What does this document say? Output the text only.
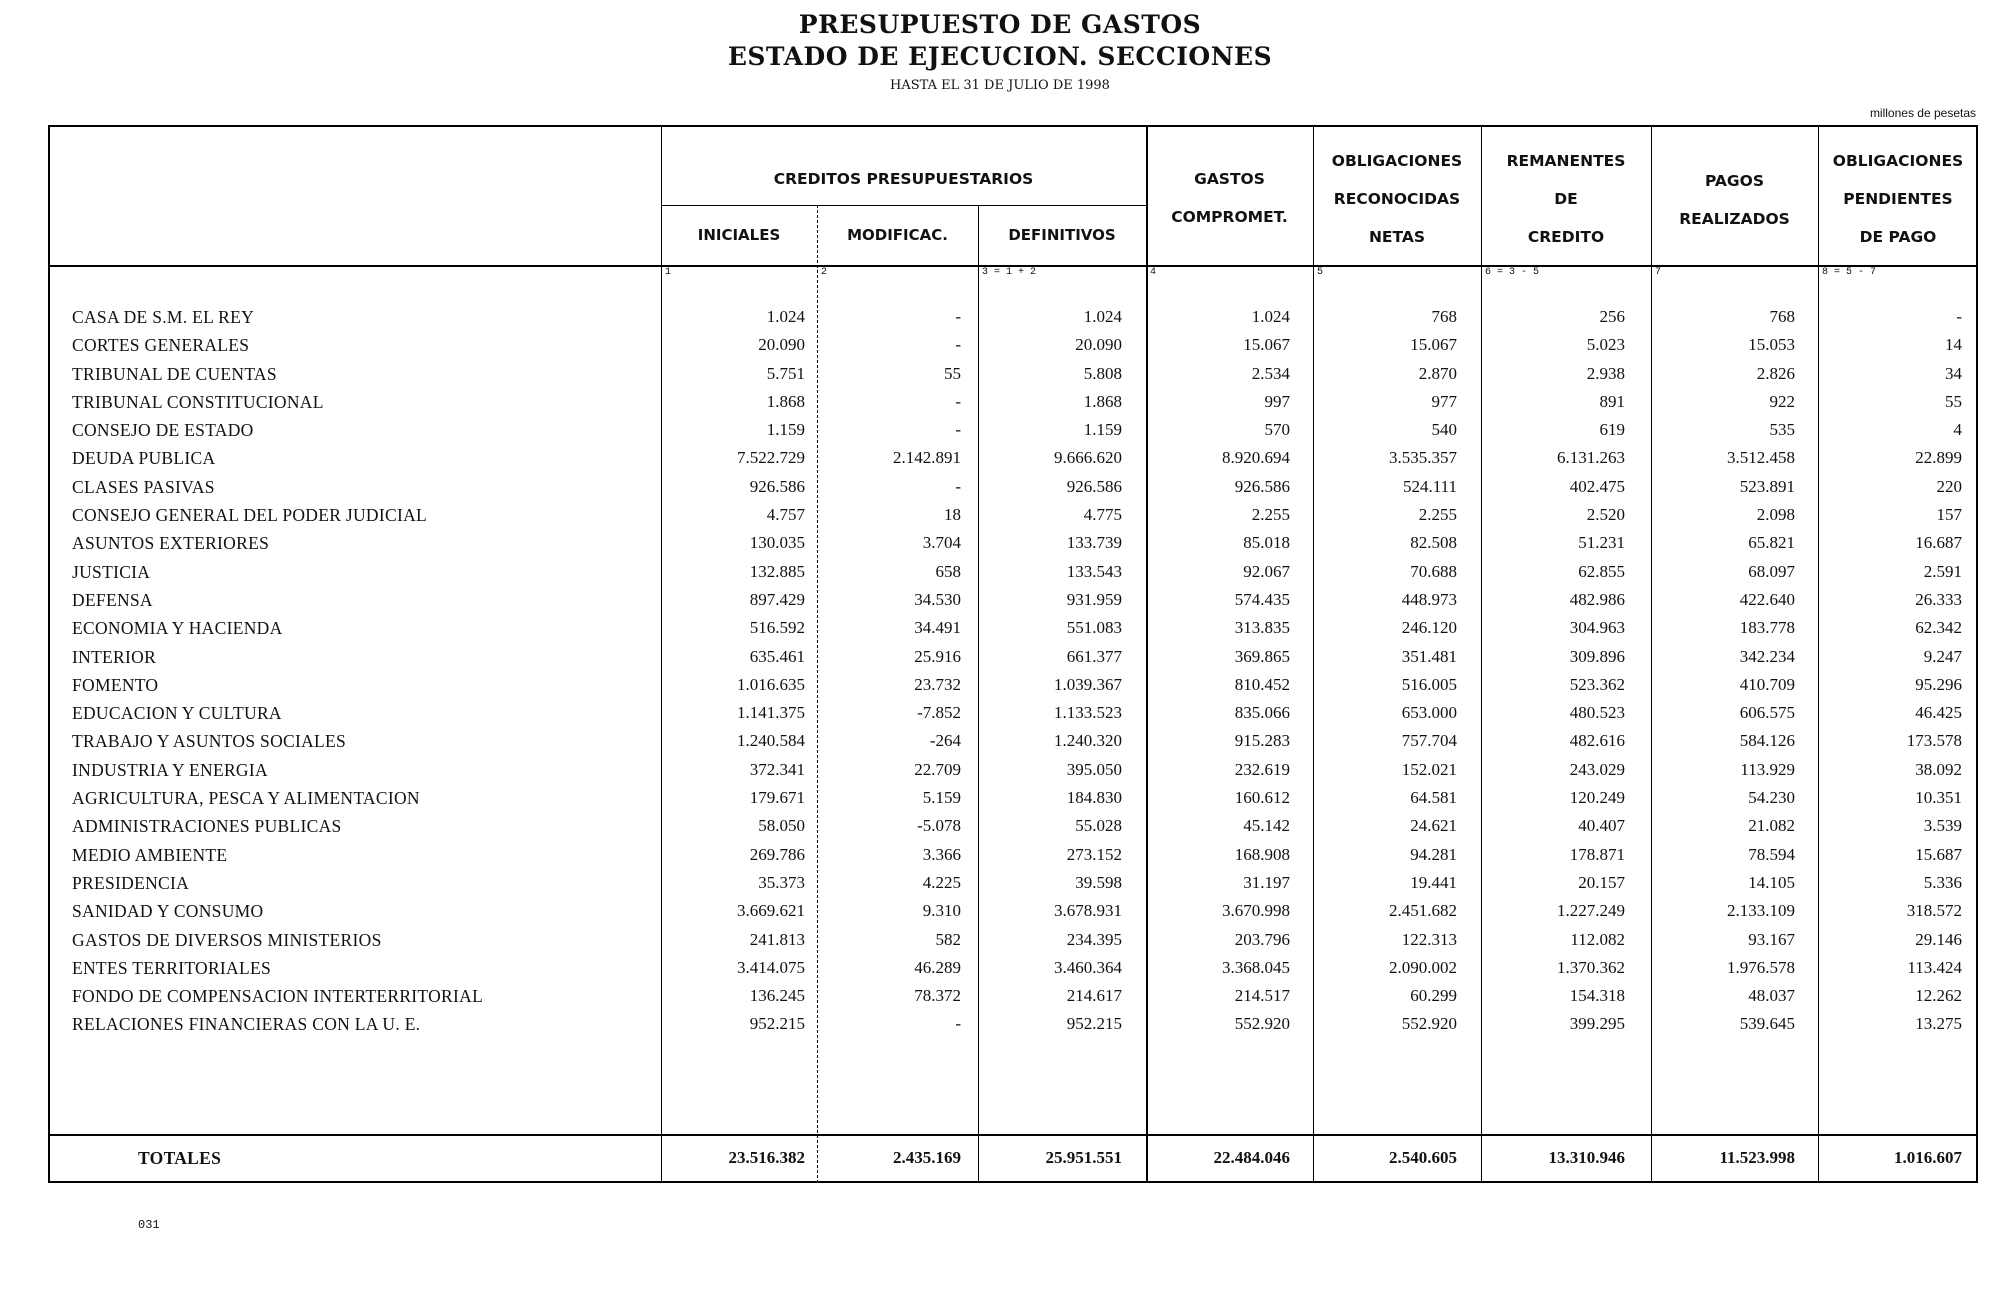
PRESUPUESTO DE GASTOS
ESTADO DE EJECUCION. SECCIONES
HASTA EL 31 DE JULIO DE 1998
millones de pesetas
CREDITOS PRESUPUESTARIOS
INICIALES	MODIFICAC.	DEFINITIVOS
GASTOS
COMPROMET.
OBLIGACIONES
RECONOCIDAS
NETAS
REMANENTES
DE
CREDITO
PAGOS
REALIZADOS
OBLIGACIONES
PENDIENTES
DE PAGO
1	2	3 = 1 + 2	4	5	6 = 3 - 5	7	8 = 5 - 7
CASA DE S.M. EL REY	1.024	-	1.024	1.024	768	256	768	-
CORTES GENERALES	20.090	-	20.090	15.067	15.067	5.023	15.053	14
TRIBUNAL DE CUENTAS	5.751	55	5.808	2.534	2.870	2.938	2.826	34
TRIBUNAL CONSTITUCIONAL	1.868	-	1.868	997	977	891	922	55
CONSEJO DE ESTADO	1.159	-	1.159	570	540	619	535	4
DEUDA PUBLICA	7.522.729	2.142.891	9.666.620	8.920.694	3.535.357	6.131.263	3.512.458	22.899
CLASES PASIVAS	926.586	-	926.586	926.586	524.111	402.475	523.891	220
CONSEJO GENERAL DEL PODER JUDICIAL	4.757	18	4.775	2.255	2.255	2.520	2.098	157
ASUNTOS EXTERIORES	130.035	3.704	133.739	85.018	82.508	51.231	65.821	16.687
JUSTICIA	132.885	658	133.543	92.067	70.688	62.855	68.097	2.591
DEFENSA	897.429	34.530	931.959	574.435	448.973	482.986	422.640	26.333
ECONOMIA Y HACIENDA	516.592	34.491	551.083	313.835	246.120	304.963	183.778	62.342
INTERIOR	635.461	25.916	661.377	369.865	351.481	309.896	342.234	9.247
FOMENTO	1.016.635	23.732	1.039.367	810.452	516.005	523.362	410.709	95.296
EDUCACION Y CULTURA	1.141.375	-7.852	1.133.523	835.066	653.000	480.523	606.575	46.425
TRABAJO Y ASUNTOS SOCIALES	1.240.584	-264	1.240.320	915.283	757.704	482.616	584.126	173.578
INDUSTRIA Y ENERGIA	372.341	22.709	395.050	232.619	152.021	243.029	113.929	38.092
AGRICULTURA, PESCA Y ALIMENTACION	179.671	5.159	184.830	160.612	64.581	120.249	54.230	10.351
ADMINISTRACIONES PUBLICAS	58.050	-5.078	55.028	45.142	24.621	40.407	21.082	3.539
MEDIO AMBIENTE	269.786	3.366	273.152	168.908	94.281	178.871	78.594	15.687
PRESIDENCIA	35.373	4.225	39.598	31.197	19.441	20.157	14.105	5.336
SANIDAD Y CONSUMO	3.669.621	9.310	3.678.931	3.670.998	2.451.682	1.227.249	2.133.109	318.572
GASTOS DE DIVERSOS MINISTERIOS	241.813	582	234.395	203.796	122.313	112.082	93.167	29.146
ENTES TERRITORIALES	3.414.075	46.289	3.460.364	3.368.045	2.090.002	1.370.362	1.976.578	113.424
FONDO DE COMPENSACION INTERTERRITORIAL	136.245	78.372	214.617	214.517	60.299	154.318	48.037	12.262
RELACIONES FINANCIERAS CON LA U. E.	952.215	-	952.215	552.920	552.920	399.295	539.645	13.275
TOTALES	23.516.382	2.435.169	25.951.551	22.484.046	2.540.605	13.310.946	11.523.998	1.016.607
031
